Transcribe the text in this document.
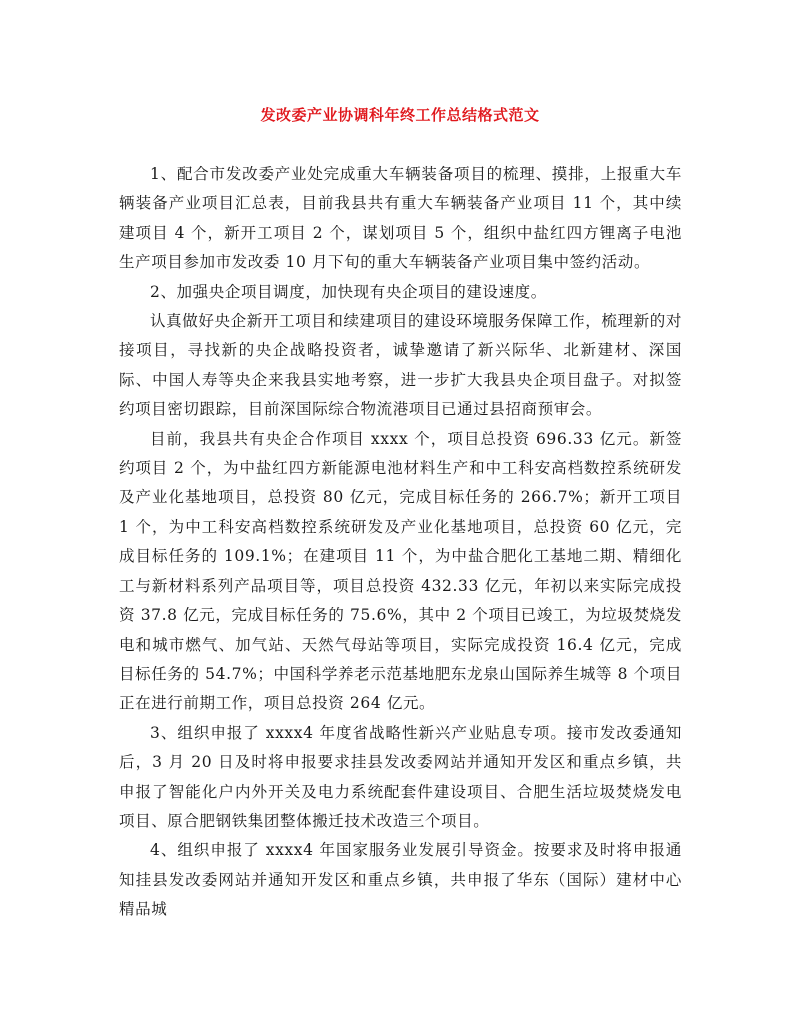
发改委产业协调科年终工作总结格式范文

1、配合市发改委产业处完成重大车辆装备项目的梳理、摸排，上报重大车辆装备产业项目汇总表，目前我县共有重大车辆装备产业项目 11 个，其中续建项目 4 个，新开工项目 2 个，谋划项目 5 个，组织中盐红四方锂离子电池生产项目参加市发改委 10 月下旬的重大车辆装备产业项目集中签约活动。

2、加强央企项目调度，加快现有央企项目的建设速度。

认真做好央企新开工项目和续建项目的建设环境服务保障工作，梳理新的对接项目，寻找新的央企战略投资者，诚挚邀请了新兴际华、北新建材、深国际、中国人寿等央企来我县实地考察，进一步扩大我县央企项目盘子。对拟签约项目密切跟踪，目前深国际综合物流港项目已通过县招商预审会。

目前，我县共有央企合作项目 xxxx 个，项目总投资 696.33 亿元。新签约项目 2 个，为中盐红四方新能源电池材料生产和中工科安高档数控系统研发及产业化基地项目，总投资 80 亿元，完成目标任务的 266.7%；新开工项目 1 个，为中工科安高档数控系统研发及产业化基地项目，总投资 60 亿元，完成目标任务的 109.1%；在建项目 11 个，为中盐合肥化工基地二期、精细化工与新材料系列产品项目等，项目总投资 432.33 亿元，年初以来实际完成投资 37.8 亿元，完成目标任务的 75.6%，其中 2 个项目已竣工，为垃圾焚烧发电和城市燃气、加气站、天然气母站等项目，实际完成投资 16.4 亿元，完成目标任务的 54.7%；中国科学养老示范基地肥东龙泉山国际养生城等 8 个项目正在进行前期工作，项目总投资 264 亿元。

3、组织申报了 xxxx4 年度省战略性新兴产业贴息专项。接市发改委通知后，3 月 20 日及时将申报要求挂县发改委网站并通知开发区和重点乡镇，共申报了智能化户内外开关及电力系统配套件建设项目、合肥生活垃圾焚烧发电项目、原合肥钢铁集团整体搬迁技术改造三个项目。

4、组织申报了 xxxx4 年国家服务业发展引导资金。按要求及时将申报通知挂县发改委网站并通知开发区和重点乡镇，共申报了华东（国际）建材中心精品城
